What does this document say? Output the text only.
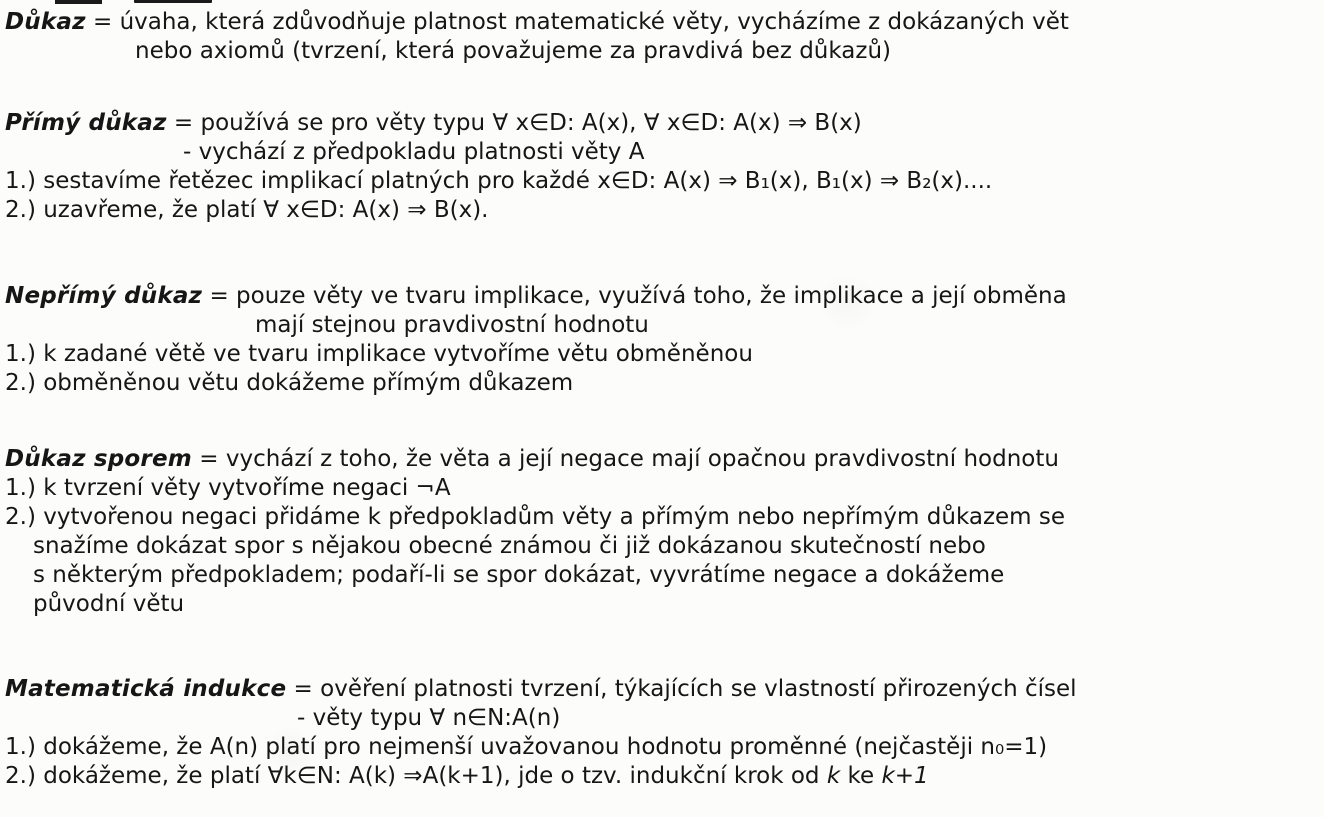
Důkaz = úvaha, která zdůvodňuje platnost matematické věty, vycházíme z dokázaných vět
nebo axiomů (tvrzení, která považujeme za pravdivá bez důkazů)
Přímý důkaz = používá se pro věty typu ∀ x∈D: A(x), ∀ x∈D: A(x) ⇒ B(x)
- vychází z předpokladu platnosti věty A
1.) sestavíme řetězec implikací platných pro každé x∈D: A(x) ⇒ B₁(x), B₁(x) ⇒ B₂(x)....
2.) uzavřeme, že platí ∀ x∈D: A(x) ⇒ B(x).
Nepřímý důkaz = pouze věty ve tvaru implikace, využívá toho, že implikace a její obměna
mají stejnou pravdivostní hodnotu
1.) k zadané větě ve tvaru implikace vytvoříme větu obměněnou
2.) obměněnou větu dokážeme přímým důkazem
Důkaz sporem = vychází z toho, že věta a její negace mají opačnou pravdivostní hodnotu
1.) k tvrzení věty vytvoříme negaci ¬A
2.) vytvořenou negaci přidáme k předpokladům věty a přímým nebo nepřímým důkazem se
snažíme dokázat spor s nějakou obecné známou či již dokázanou skutečností nebo
s některým předpokladem; podaří-li se spor dokázat, vyvrátíme negace a dokážeme
původní větu
Matematická indukce = ověření platnosti tvrzení, týkajících se vlastností přirozených čísel
- věty typu ∀ n∈N:A(n)
1.) dokážeme, že A(n) platí pro nejmenší uvažovanou hodnotu proměnné (nejčastěji n₀=1)
2.) dokážeme, že platí ∀k∈N: A(k) ⇒A(k+1), jde o tzv. indukční krok od k ke k+1
